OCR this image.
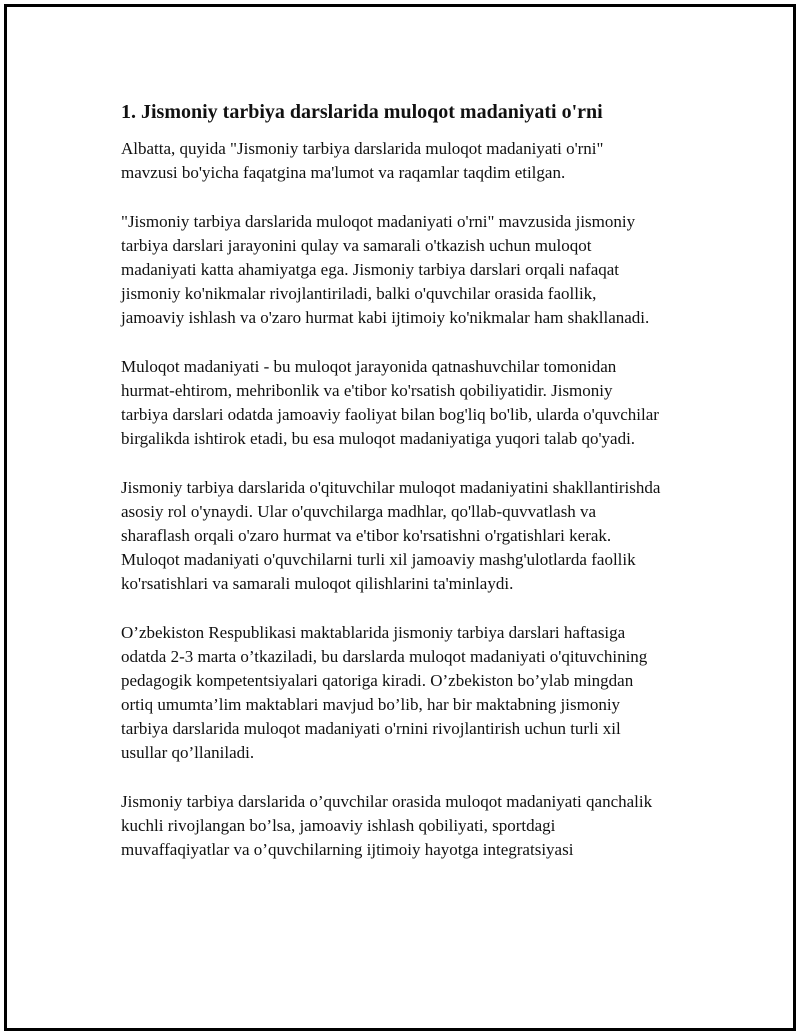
1. Jismoniy tarbiya darslarida muloqot madaniyati o'rni

Albatta, quyida "Jismoniy tarbiya darslarida muloqot madaniyati o'rni" mavzusi bo'yicha faqatgina ma'lumot va raqamlar taqdim etilgan.

"Jismoniy tarbiya darslarida muloqot madaniyati o'rni" mavzusida jismoniy tarbiya darslari jarayonini qulay va samarali o'tkazish uchun muloqot madaniyati katta ahamiyatga ega. Jismoniy tarbiya darslari orqali nafaqat jismoniy ko'nikmalar rivojlantiriladi, balki o'quvchilar orasida faollik, jamoaviy ishlash va o'zaro hurmat kabi ijtimoiy ko'nikmalar ham shakllanadi.

Muloqot madaniyati - bu muloqot jarayonida qatnashuvchilar tomonidan hurmat-ehtirom, mehribonlik va e'tibor ko'rsatish qobiliyatidir. Jismoniy tarbiya darslari odatda jamoaviy faoliyat bilan bog'liq bo'lib, ularda o'quvchilar birgalikda ishtirok etadi, bu esa muloqot madaniyatiga yuqori talab qo'yadi.

Jismoniy tarbiya darslarida o'qituvchilar muloqot madaniyatini shakllantirishda asosiy rol o'ynaydi. Ular o'quvchilarga madhlar, qo'llab-quvvatlash va sharaflash orqali o'zaro hurmat va e'tibor ko'rsatishni o'rgatishlari kerak. Muloqot madaniyati o'quvchilarni turli xil jamoaviy mashg'ulotlarda faollik ko'rsatishlari va samarali muloqot qilishlarini ta'minlaydi.

O’zbekiston Respublikasi maktablarida jismoniy tarbiya darslari haftasiga odatda 2-3 marta o’tkaziladi, bu darslarda muloqot madaniyati o'qituvchining pedagogik kompetentsiyalari qatoriga kiradi. O’zbekiston bo’ylab mingdan ortiq umumta’lim maktablari mavjud bo’lib, har bir maktabning jismoniy tarbiya darslarida muloqot madaniyati o'rnini rivojlantirish uchun turli xil usullar qo’llaniladi.

Jismoniy tarbiya darslarida o’quvchilar orasida muloqot madaniyati qanchalik kuchli rivojlangan bo’lsa, jamoaviy ishlash qobiliyati, sportdagi muvaffaqiyatlar va o’quvchilarning ijtimoiy hayotga integratsiyasi
